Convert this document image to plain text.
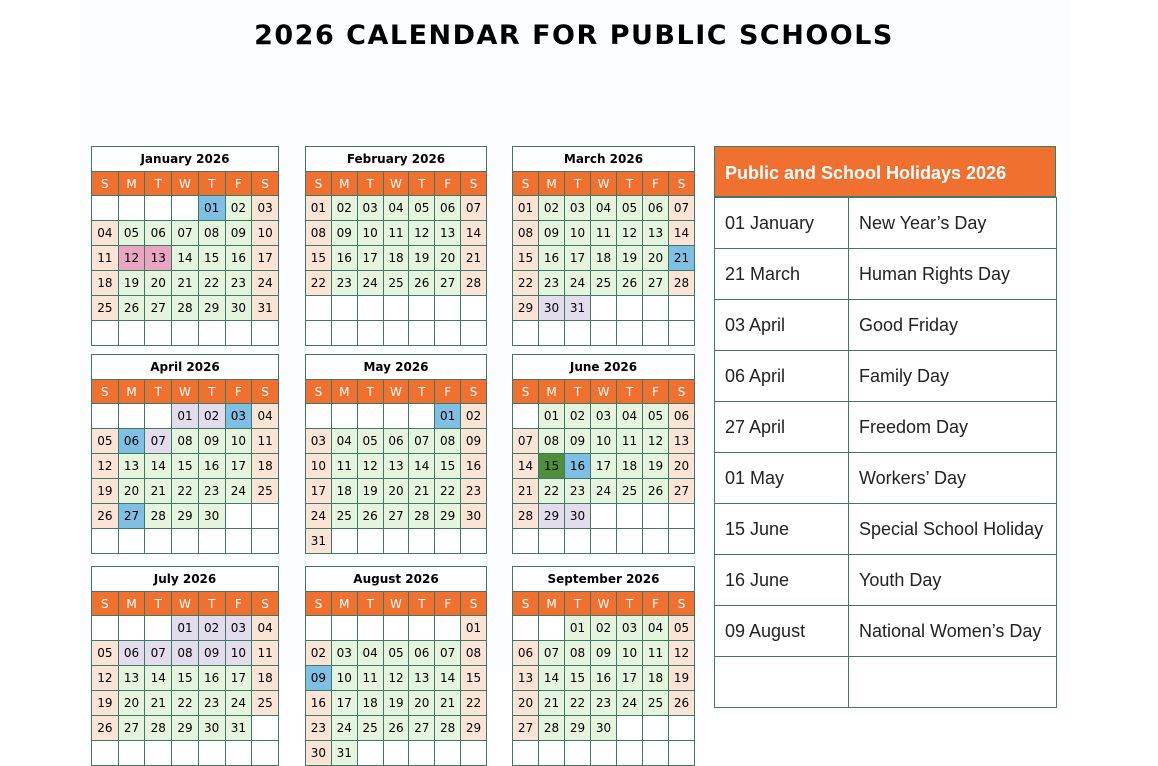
2026 CALENDAR FOR PUBLIC SCHOOLS
January 2026
S	M	T	W	T	F	S
				01	02	03
04	05	06	07	08	09	10
11	12	13	14	15	16	17
18	19	20	21	22	23	24
25	26	27	28	29	30	31

February 2026
S	M	T	W	T	F	S
01	02	03	04	05	06	07
08	09	10	11	12	13	14
15	16	17	18	19	20	21
22	23	24	25	26	27	28

March 2026
S	M	T	W	T	F	S
01	02	03	04	05	06	07
08	09	10	11	12	13	14
15	16	17	18	19	20	21
22	23	24	25	26	27	28
29	30	31				

April 2026
S	M	T	W	T	F	S
			01	02	03	04
05	06	07	08	09	10	11
12	13	14	15	16	17	18
19	20	21	22	23	24	25
26	27	28	29	30		

May 2026
S	M	T	W	T	F	S
					01	02
03	04	05	06	07	08	09
10	11	12	13	14	15	16
17	18	19	20	21	22	23
24	25	26	27	28	29	30
31						
June 2026
S	M	T	W	T	F	S
	01	02	03	04	05	06
07	08	09	10	11	12	13
14	15	16	17	18	19	20
21	22	23	24	25	26	27
28	29	30				

July 2026
S	M	T	W	T	F	S
			01	02	03	04
05	06	07	08	09	10	11
12	13	14	15	16	17	18
19	20	21	22	23	24	25
26	27	28	29	30	31	

August 2026
S	M	T	W	T	F	S
						01
02	03	04	05	06	07	08
09	10	11	12	13	14	15
16	17	18	19	20	21	22
23	24	25	26	27	28	29
30	31					
September 2026
S	M	T	W	T	F	S
		01	02	03	04	05
06	07	08	09	10	11	12
13	14	15	16	17	18	19
20	21	22	23	24	25	26
27	28	29	30			

Public and School Holidays 2026
01 January	New Year’s Day
21 March	Human Rights Day
03 April	Good Friday
06 April	Family Day
27 April	Freedom Day
01 May	Workers’ Day
15 June	Special School Holiday
16 June	Youth Day
09 August	National Women’s Day
